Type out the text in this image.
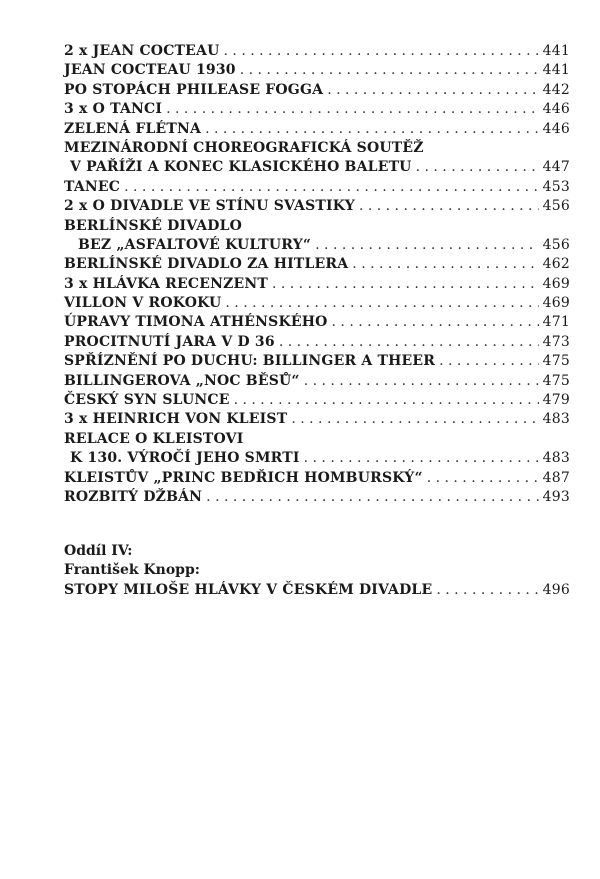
2 x JEAN COCTEAU . . .	441
JEAN COCTEAU 1930 . . .	441
PO STOPÁCH PHILEASE FOGGA . . .	442
3 x O TANCI . . .	446
ZELENÁ FLÉTNA . . .	446
MEZINÁRODNÍ CHOREOGRAFICKÁ SOUTĚŽ
V PAŘÍŽI A KONEC KLASICKÉHO BALETU . . .	447
TANEC . . .	453
2 x O DIVADLE VE STÍNU SVASTIKY . . .	456
BERLÍNSKÉ DIVADLO
BEZ „ASFALTOVÉ KULTURY“ . . .	456
BERLÍNSKÉ DIVADLO ZA HITLERA . . .	462
3 x HLÁVKA RECENZENT . . .	469
VILLON V ROKOKU . . .	469
ÚPRAVY TIMONA ATHÉNSKÉHO . . .	471
PROCITNUTÍ JARA V D 36 . . .	473
SPŘÍZNĚNÍ PO DUCHU: BILLINGER A THEER . . .	475
BILLINGEROVA „NOC BĚSŮ“ . . .	475
ČESKÝ SYN SLUNCE . . .	479
3 x HEINRICH VON KLEIST . . .	483
RELACE O KLEISTOVI
K 130. VÝROČÍ JEHO SMRTI . . .	483
KLEISTŮV „PRINC BEDŘICH HOMBURSKÝ“ . . .	487
ROZBITÝ DŽBÁN . . .	493
Oddíl IV:
František Knopp:
STOPY MILOŠE HLÁVKY V ČESKÉM DIVADLE . . .	496
